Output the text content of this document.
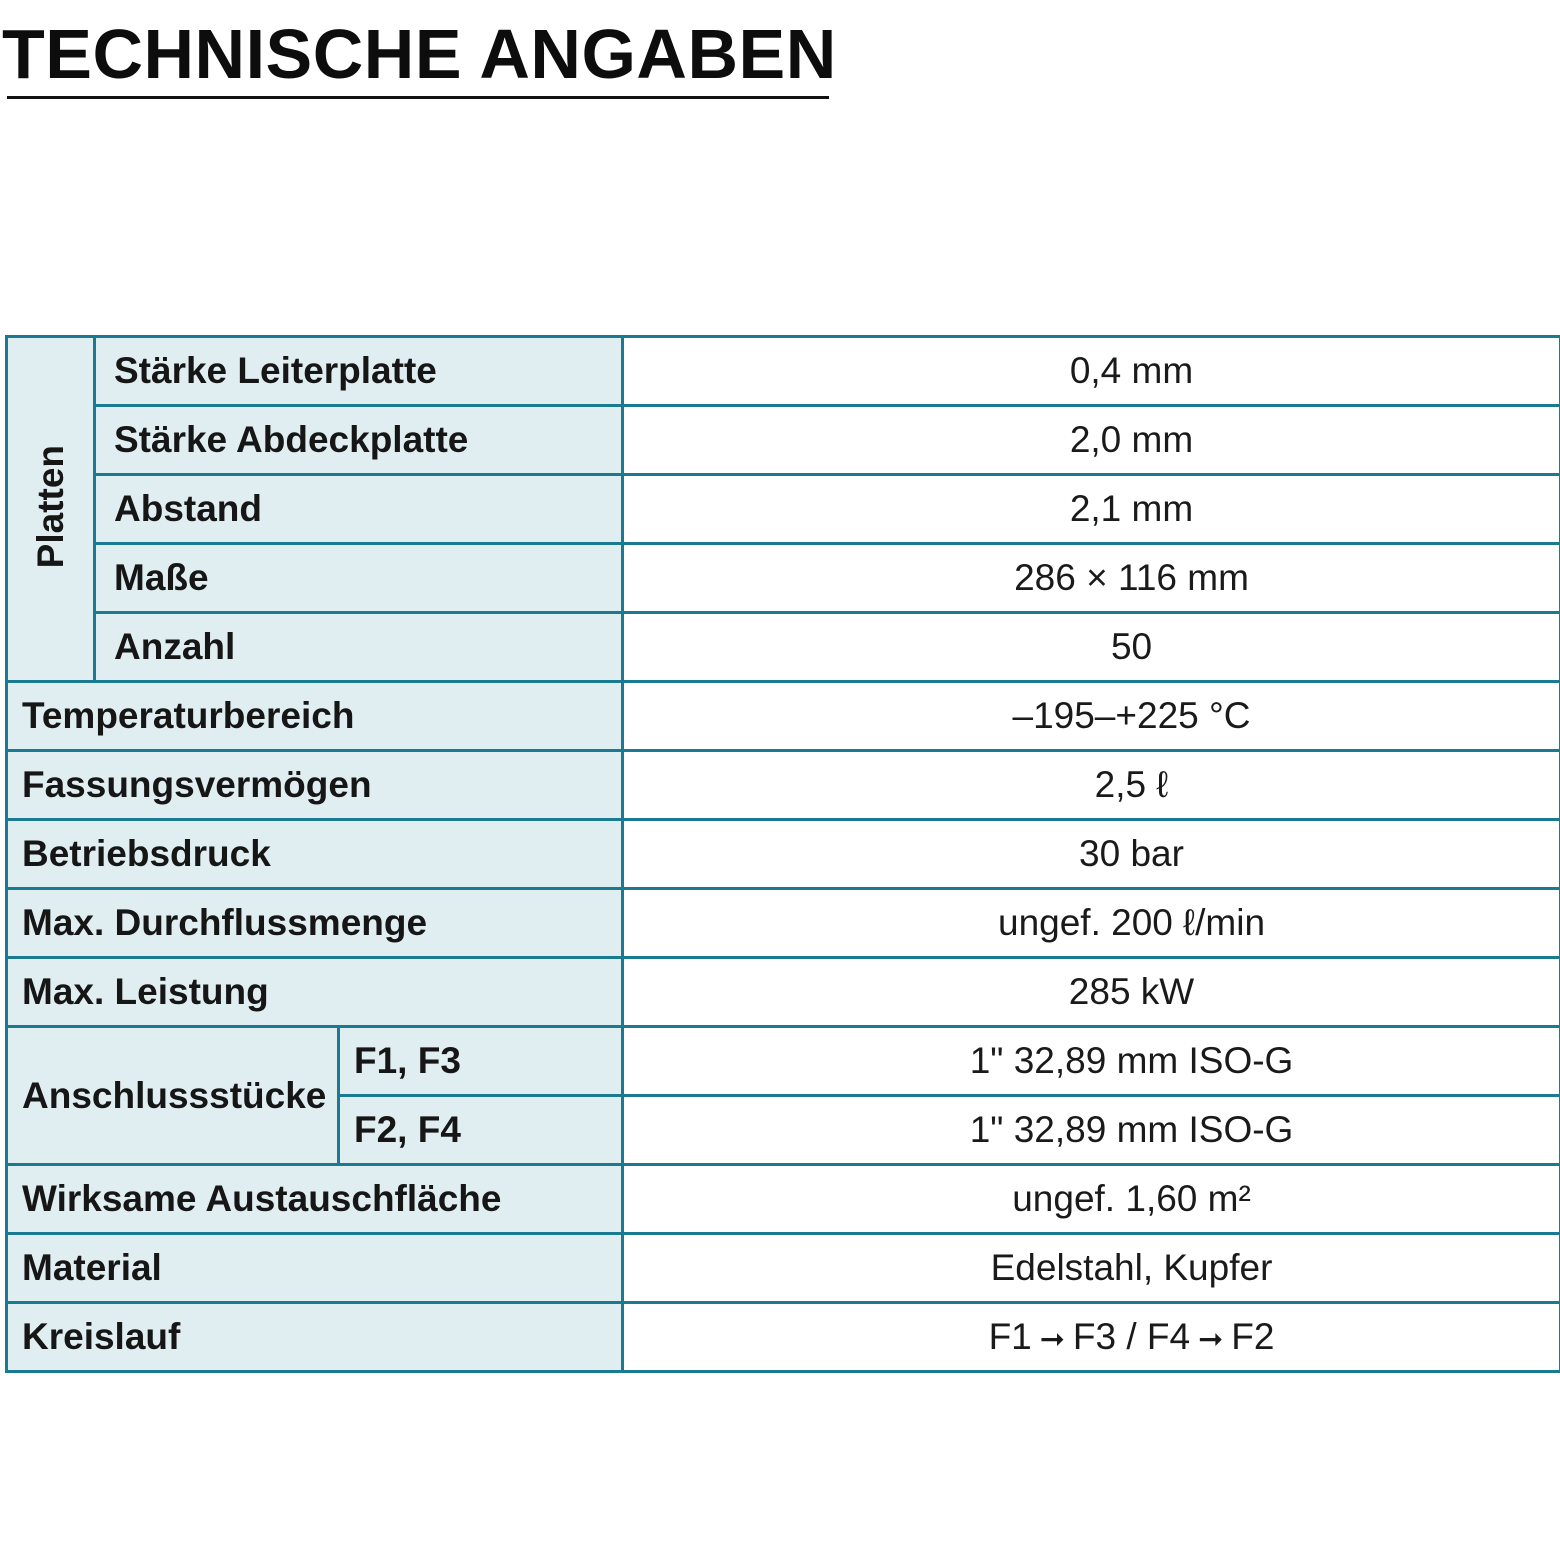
TECHNISCHE ANGABEN
Platten	Stärke Leiterplatte		0,4 mm
	Stärke Abdeckplatte		2,0 mm
	Abstand		2,1 mm
	Maße		286 × 116 mm
	Anzahl		50
Temperaturbereich			–195–+225 °C
Fassungsvermögen			2,5 ℓ
Betriebsdruck			30 bar
Max. Durchflussmenge			ungef. 200 ℓ/min
Max. Leistung			285 kW
Anschlussstücke		F1, F3	1" 32,89 mm ISO-G
		F2, F4	1" 32,89 mm ISO-G
Wirksame Austauschfläche			ungef. 1,60 m²
Material			Edelstahl, Kupfer
Kreislauf			F1 ➞ F3 / F4 ➞ F2
